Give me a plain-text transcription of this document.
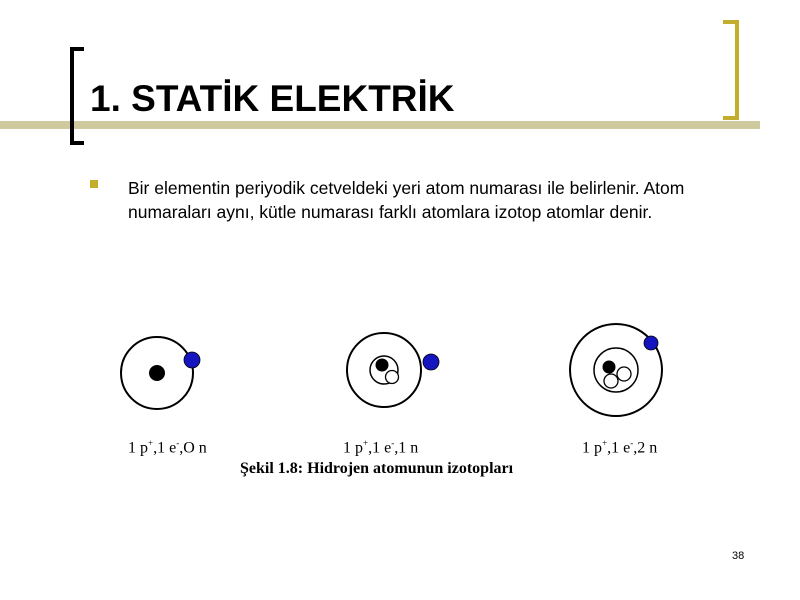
1. STATİK ELEKTRİK

Bir elementin periyodik cetveldeki yeri atom numarası ile belirlenir. Atom numaraları aynı, kütle numarası farklı atomlara izotop atomlar denir.

1 p+,1 e-,O n	1 p+,1 e-,1 n	1 p+,1 e-,2 n
Şekil 1.8: Hidrojen atomunun izotopları
38
